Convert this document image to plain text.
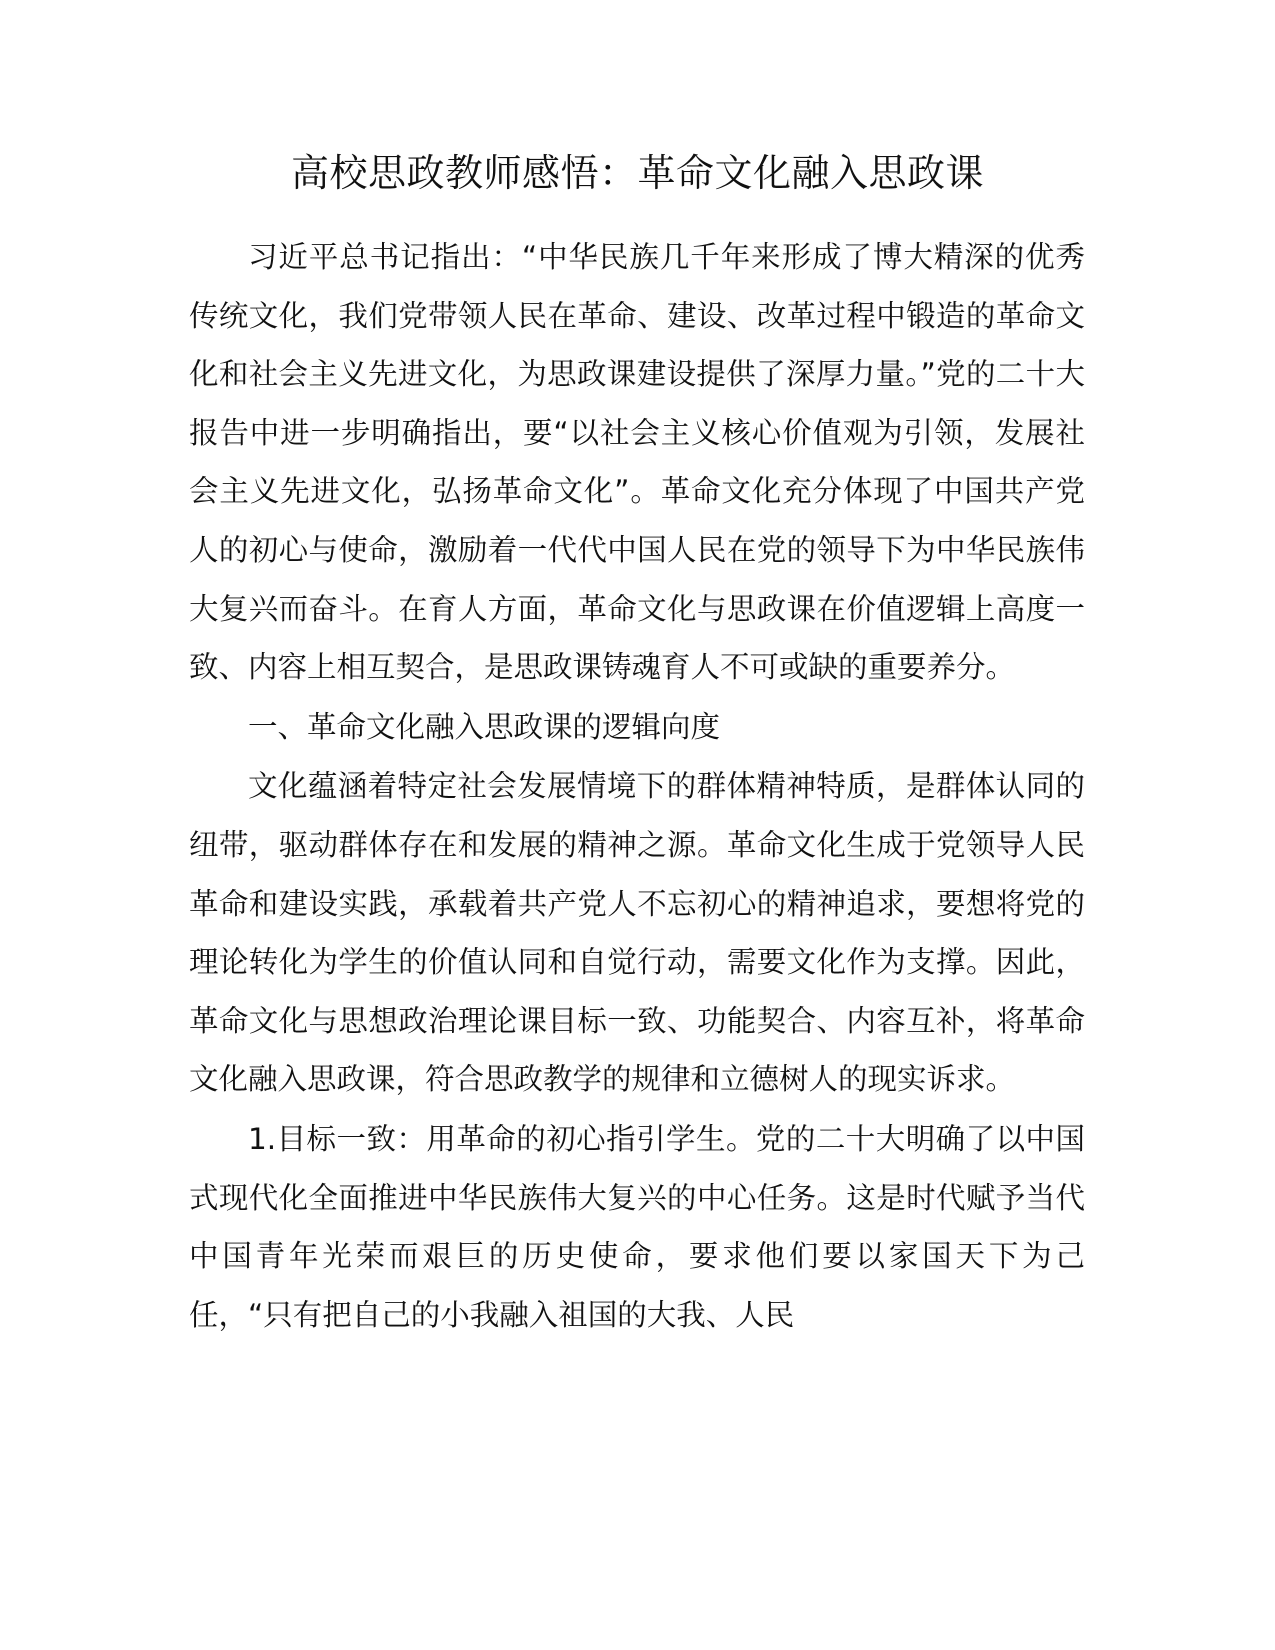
高校思政教师感悟：革命文化融入思政课

习近平总书记指出：“中华民族几千年来形成了博大精深的优秀传统文化，我们党带领人民在革命、建设、改革过程中锻造的革命文化和社会主义先进文化，为思政课建设提供了深厚力量。”党的二十大报告中进一步明确指出，要“以社会主义核心价值观为引领，发展社会主义先进文化，弘扬革命文化”。革命文化充分体现了中国共产党人的初心与使命，激励着一代代中国人民在党的领导下为中华民族伟大复兴而奋斗。在育人方面，革命文化与思政课在价值逻辑上高度一致、内容上相互契合，是思政课铸魂育人不可或缺的重要养分。

一、革命文化融入思政课的逻辑向度

文化蕴涵着特定社会发展情境下的群体精神特质，是群体认同的纽带，驱动群体存在和发展的精神之源。革命文化生成于党领导人民革命和建设实践，承载着共产党人不忘初心的精神追求，要想将党的理论转化为学生的价值认同和自觉行动，需要文化作为支撑。因此，革命文化与思想政治理论课目标一致、功能契合、内容互补，将革命文化融入思政课，符合思政教学的规律和立德树人的现实诉求。

1.目标一致：用革命的初心指引学生。党的二十大明确了以中国式现代化全面推进中华民族伟大复兴的中心任务。这是时代赋予当代中国青年光荣而艰巨的历史使命，要求他们要以家国天下为己任，“只有把自己的小我融入祖国的大我、人民
